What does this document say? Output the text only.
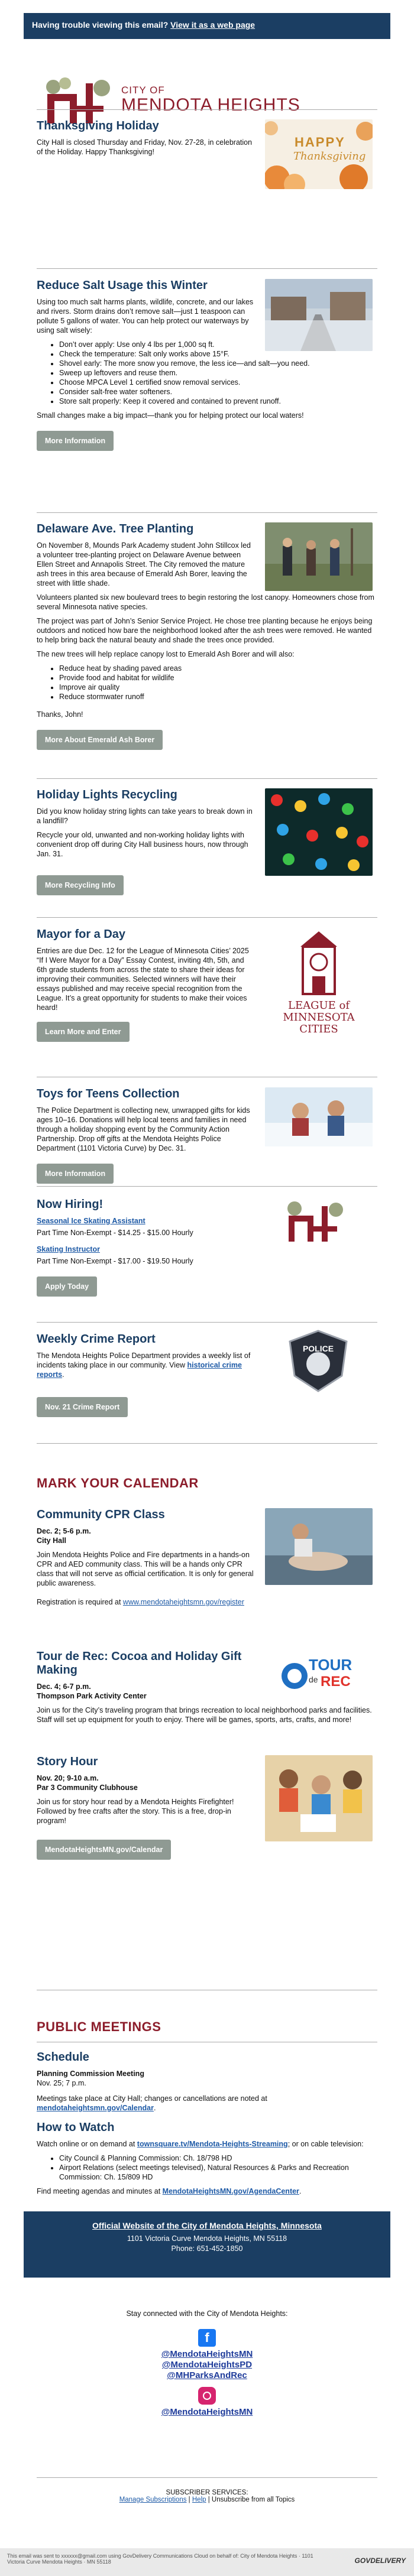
Having trouble viewing this email? View it as a web page
CITY OF
MENDOTA HEIGHTS
Thanksgiving Holiday

City Hall is closed Thursday and Friday, Nov. 27-28, in celebration of the Holiday. Happy Thanksgiving!

HAPPY
Thanksgiving
Reduce Salt Usage this Winter

Using too much salt harms plants, wildlife, concrete, and our lakes and rivers. Storm drains don’t remove salt—just 1 teaspoon can pollute 5 gallons of water. You can help protect our waterways by using salt wisely:

• Don’t over apply: Use only 4 lbs per 1,000 sq ft.
• Check the temperature: Salt only works above 15°F.
• Shovel early: The more snow you remove, the less ice—and salt—you need.
• Sweep up leftovers and reuse them.
• Choose MPCA Level 1 certified snow removal services.
• Consider salt-free water softeners.
• Store salt properly: Keep it covered and contained to prevent runoff.

Small changes make a big impact—thank you for helping protect our local waters!

More Information
Delaware Ave. Tree Planting

On November 8, Mounds Park Academy student John Stillcox led a volunteer tree-planting project on Delaware Avenue between Ellen Street and Annapolis Street. The City removed the mature ash trees in this area because of Emerald Ash Borer, leaving the street with little shade.

Volunteers planted six new boulevard trees to begin restoring the lost canopy. Homeowners chose from several Minnesota native species.

The project was part of John’s Senior Service Project. He chose tree planting because he enjoys being outdoors and noticed how bare the neighborhood looked after the ash trees were removed. He wanted to help bring back the natural beauty and shade the trees once provided.

The new trees will help replace canopy lost to Emerald Ash Borer and will also:

• Reduce heat by shading paved areas
• Provide food and habitat for wildlife
• Improve air quality
• Reduce stormwater runoff

Thanks, John!

More About Emerald Ash Borer
Holiday Lights Recycling

Did you know holiday string lights can take years to break down in a landfill?

Recycle your old, unwanted and non-working holiday lights with convenient drop off during City Hall business hours, now through Jan. 31.

More Recycling Info
Mayor for a Day

Entries are due Dec. 12 for the League of Minnesota Cities’ 2025 “If I Were Mayor for a Day” Essay Contest, inviting 4th, 5th, and 6th grade students from across the state to share their ideas for improving their communities. Selected winners will have their essays published and may receive special recognition from the League. It’s a great opportunity for students to make their voices heard!

Learn More and Enter
LEAGUE of
MINNESOTA
CITIES
Toys for Teens Collection

The Police Department is collecting new, unwrapped gifts for kids ages 10–16. Donations will help local teens and families in need through a holiday shopping event by the Community Action Partnership. Drop off gifts at the Mendota Heights Police Department (1101 Victoria Curve) by Dec. 31.

More Information
Now Hiring!

Seasonal Ice Skating Assistant

Part Time Non-Exempt - $14.25 - $15.00 Hourly

Skating Instructor

Part Time Non-Exempt - $17.00 - $19.50 Hourly

Apply Today
Weekly Crime Report

The Mendota Heights Police Department provides a weekly list of incidents taking place in our community. View historical crime reports.

Nov. 21 Crime Report
POLICE
MARK YOUR CALENDAR
Community CPR Class
Dec. 2; 5-6 p.m.
City Hall

Join Mendota Heights Police and Fire departments in a hands-on CPR and AED community class. This will be a hands only CPR class that will not serve as official certification. It is only for general public awareness.

Registration is required at www.mendotaheightsmn.gov/register

Tour de Rec: Cocoa and Holiday Gift Making
Dec. 4; 6-7 p.m.
Thompson Park Activity Center

Join us for the City’s traveling program that brings recreation to local neighborhood parks and facilities. Staff will set up equipment for youth to enjoy. There will be games, sports, arts, crafts, and more!

TOUR
de REC
Story Hour
Nov. 20; 9-10 a.m.
Par 3 Community Clubhouse

Join us for story hour read by a Mendota Heights Firefighter! Followed by free crafts after the story. This is a free, drop-in program!

MendotaHeightsMN.gov/Calendar
PUBLIC MEETINGS
Schedule
Planning Commission Meeting

Nov. 25; 7 p.m.

Meetings take place at City Hall; changes or cancellations are noted at mendotaheightsmn.gov/Calendar.

How to Watch

Watch online or on demand at townsquare.tv/Mendota-Heights-Streaming; or on cable television:

• City Council & Planning Commission: Ch. 18/798 HD
• Airport Relations (select meetings televised), Natural Resources & Parks and Recreation Commission: Ch. 15/809 HD

Find meeting agendas and minutes at MendotaHeightsMN.gov/AgendaCenter.

Official Website of the City of Mendota Heights, Minnesota
1101 Victoria Curve Mendota Heights, MN 55118
Phone: 651-452-1850

Stay connected with the City of Mendota Heights:

f
@MendotaHeightsMN
@MendotaHeightsPD
@MHParksAndRec
@MendotaHeightsMN
SUBSCRIBER SERVICES:
Manage Subscriptions | Help | Unsubscribe from all Topics
This email was sent to xxxxxx@gmail.com using GovDelivery Communications Cloud on behalf of: City of Mendota Heights · 1101 Victoria Curve Mendota Heights · MN 55118	GOVDELIVERY
